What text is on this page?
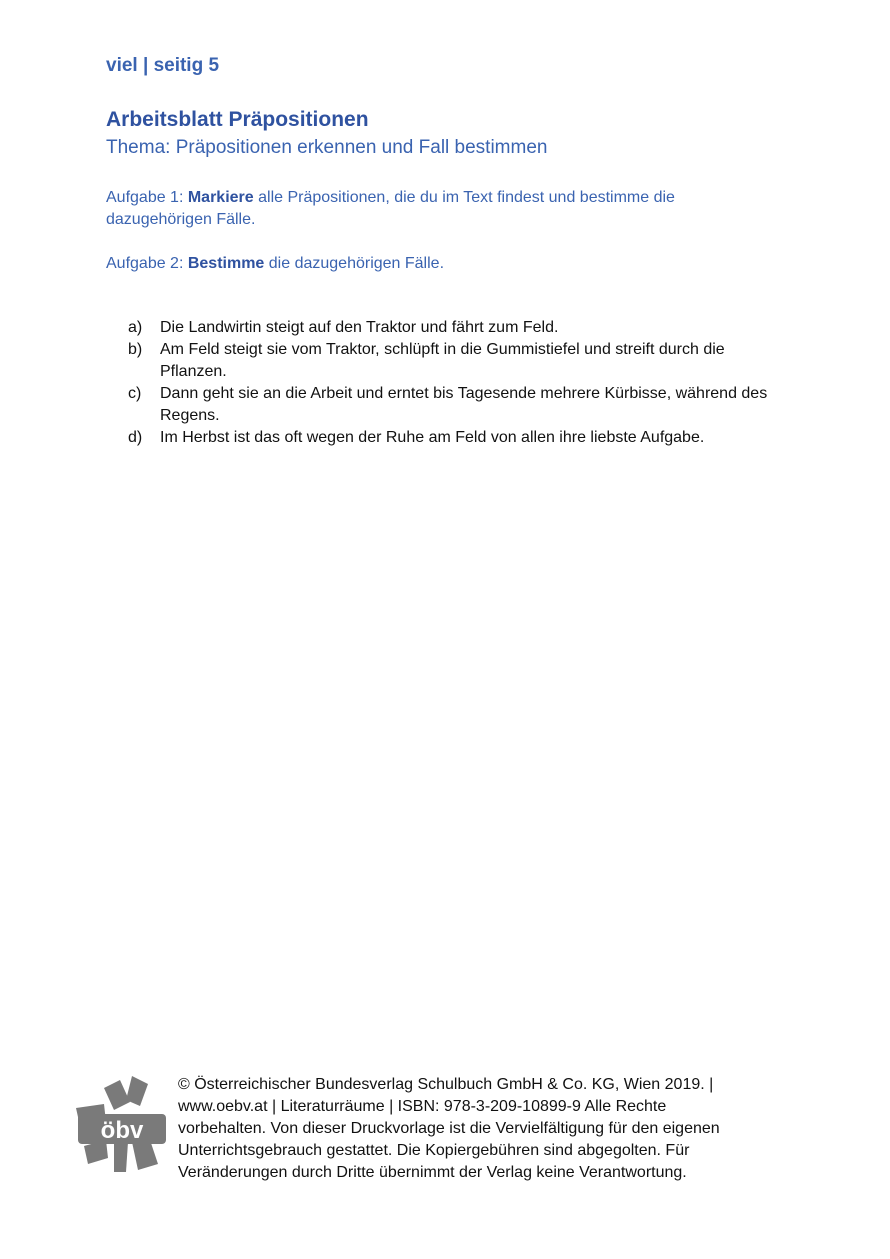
viel | seitig 5
Arbeitsblatt Präpositionen
Thema: Präpositionen erkennen und Fall bestimmen
Aufgabe 1: Markiere alle Präpositionen, die du im Text findest und bestimme die dazugehörigen Fälle.
Aufgabe 2: Bestimme die dazugehörigen Fälle.
a)	Die Landwirtin steigt auf den Traktor und fährt zum Feld.
b)	Am Feld steigt sie vom Traktor, schlüpft in die Gummistiefel und streift durch die Pflanzen.
c)	Dann geht sie an die Arbeit und erntet bis Tagesende mehrere Kürbisse, während des Regens.
d)	Im Herbst ist das oft wegen der Ruhe am Feld von allen ihre liebste Aufgabe.
öbv
© Österreichischer Bundesverlag Schulbuch GmbH & Co. KG, Wien 2019. | www.oebv.at | Literaturräume | ISBN: 978-3-209-10899-9 Alle Rechte vorbehalten. Von dieser Druckvorlage ist die Vervielfältigung für den eigenen Unterrichtsgebrauch gestattet. Die Kopiergebühren sind abgegolten. Für Veränderungen durch Dritte übernimmt der Verlag keine Verantwortung.
